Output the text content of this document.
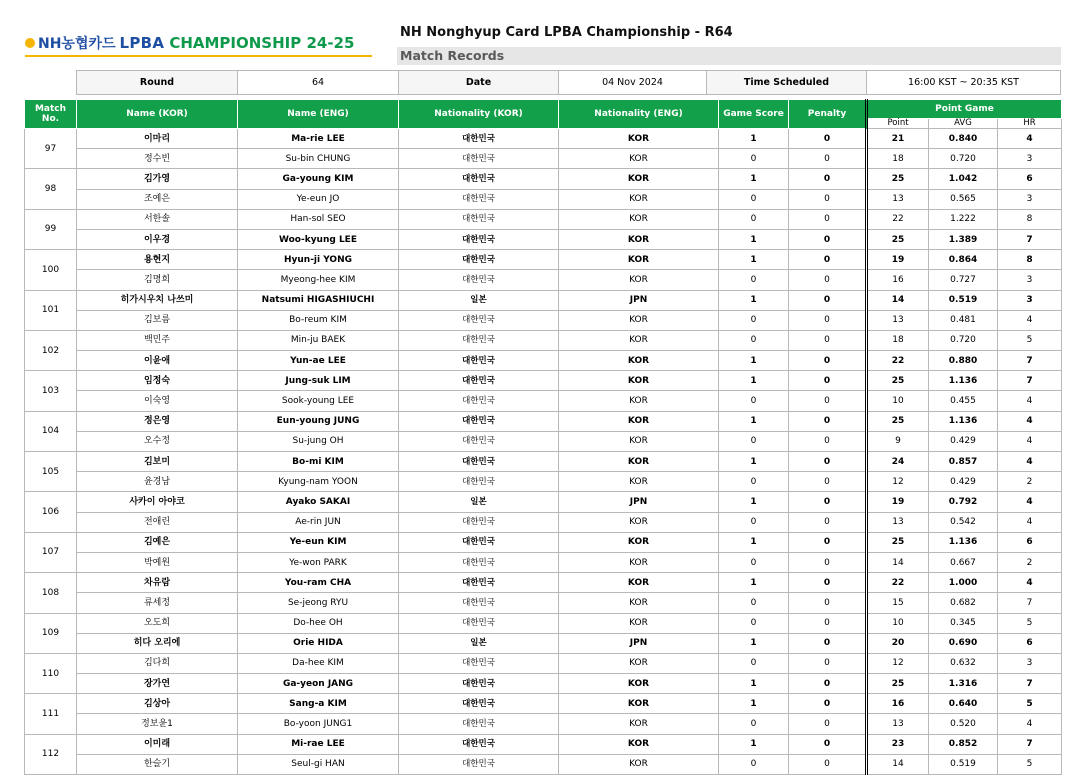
NH농협카드 LPBA CHAMPIONSHIP 24-25
NH Nonghyup Card LPBA Championship - R64
Match Records
Round	64	Date	04 Nov 2024	Time Scheduled	16:00 KST ~ 20:35 KST
Match No.	Name (KOR)	Name (ENG)	Nationality (KOR)	Nationality (ENG)	Game Score	Penalty	Point Game		
							Point	AVG	HR
97	이마리	Ma-rie LEE	대한민국	KOR	1	0	21	0.840	4
	정수빈	Su-bin CHUNG	대한민국	KOR	0	0	18	0.720	3
98	김가영	Ga-young KIM	대한민국	KOR	1	0	25	1.042	6
	조예은	Ye-eun JO	대한민국	KOR	0	0	13	0.565	3
99	서한솔	Han-sol SEO	대한민국	KOR	0	0	22	1.222	8
	이우경	Woo-kyung LEE	대한민국	KOR	1	0	25	1.389	7
100	용현지	Hyun-ji YONG	대한민국	KOR	1	0	19	0.864	8
	김명희	Myeong-hee KIM	대한민국	KOR	0	0	16	0.727	3
101	히가시우치 나쓰미	Natsumi HIGASHIUCHI	일본	JPN	1	0	14	0.519	3
	김보름	Bo-reum KIM	대한민국	KOR	0	0	13	0.481	4
102	백민주	Min-ju BAEK	대한민국	KOR	0	0	18	0.720	5
	이윤애	Yun-ae LEE	대한민국	KOR	1	0	22	0.880	7
103	임정숙	Jung-suk LIM	대한민국	KOR	1	0	25	1.136	7
	이숙영	Sook-young LEE	대한민국	KOR	0	0	10	0.455	4
104	정은영	Eun-young JUNG	대한민국	KOR	1	0	25	1.136	4
	오수정	Su-jung OH	대한민국	KOR	0	0	9	0.429	4
105	김보미	Bo-mi KIM	대한민국	KOR	1	0	24	0.857	4
	윤경남	Kyung-nam YOON	대한민국	KOR	0	0	12	0.429	2
106	사카이 아야코	Ayako SAKAI	일본	JPN	1	0	19	0.792	4
	전애린	Ae-rin JUN	대한민국	KOR	0	0	13	0.542	4
107	김예은	Ye-eun KIM	대한민국	KOR	1	0	25	1.136	6
	박예원	Ye-won PARK	대한민국	KOR	0	0	14	0.667	2
108	차유람	You-ram CHA	대한민국	KOR	1	0	22	1.000	4
	류세정	Se-jeong RYU	대한민국	KOR	0	0	15	0.682	7
109	오도희	Do-hee OH	대한민국	KOR	0	0	10	0.345	5
	히다 오리에	Orie HIDA	일본	JPN	1	0	20	0.690	6
110	김다희	Da-hee KIM	대한민국	KOR	0	0	12	0.632	3
	장가연	Ga-yeon JANG	대한민국	KOR	1	0	25	1.316	7
111	김상아	Sang-a KIM	대한민국	KOR	1	0	16	0.640	5
	정보윤1	Bo-yoon JUNG1	대한민국	KOR	0	0	13	0.520	4
112	이미래	Mi-rae LEE	대한민국	KOR	1	0	23	0.852	7
	한슬기	Seul-gi HAN	대한민국	KOR	0	0	14	0.519	5
